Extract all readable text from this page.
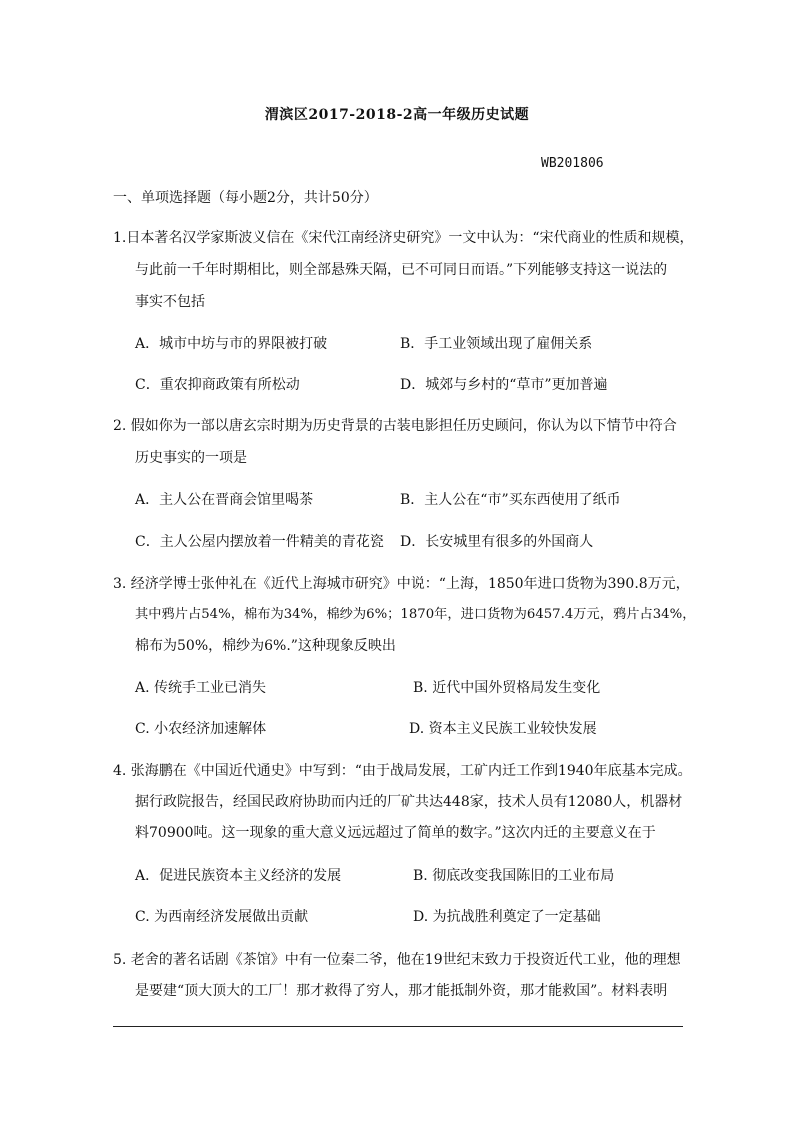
渭滨区2017-2018-2高一年级历史试题
WB201806
一、单项选择题（每小题2分，共计50分）
1.日本著名汉学家斯波义信在《宋代江南经济史研究》一文中认为：“宋代商业的性质和规模，
与此前一千年时期相比，则全部悬殊天隔，已不可同日而语。”下列能够支持这一说法的
事实不包括
A．城市中坊与市的界限被打破	B．手工业领域出现了雇佣关系
C．重农抑商政策有所松动	D．城郊与乡村的“草市”更加普遍
2. 假如你为一部以唐玄宗时期为历史背景的古装电影担任历史顾问，你认为以下情节中符合
历史事实的一项是
A．主人公在晋商会馆里喝茶	B．主人公在“市”买东西使用了纸币
C．主人公屋内摆放着一件精美的青花瓷 D．长安城里有很多的外国商人
3. 经济学博士张仲礼在《近代上海城市研究》中说：“上海，1850年进口货物为390.8万元，
其中鸦片占54%，棉布为34%，棉纱为6%；1870年，进口货物为6457.4万元，鸦片占34%，
棉布为50%，棉纱为6%.”这种现象反映出
A. 传统手工业已消失	B. 近代中国外贸格局发生变化
C. 小农经济加速解体	D. 资本主义民族工业较快发展
4. 张海鹏在《中国近代通史》中写到：“由于战局发展，工矿内迁工作到1940年底基本完成。
据行政院报告，经国民政府协助而内迁的厂矿共达448家，技术人员有12080人，机器材
料70900吨。这一现象的重大意义远远超过了简单的数字。”这次内迁的主要意义在于
A．促进民族资本主义经济的发展	B. 彻底改变我国陈旧的工业布局
C. 为西南经济发展做出贡献	D. 为抗战胜利奠定了一定基础
5. 老舍的著名话剧《茶馆》中有一位秦二爷，他在19世纪末致力于投资近代工业，他的理想
是要建“顶大顶大的工厂！那才救得了穷人，那才能抵制外资，那才能救国”。材料表明
